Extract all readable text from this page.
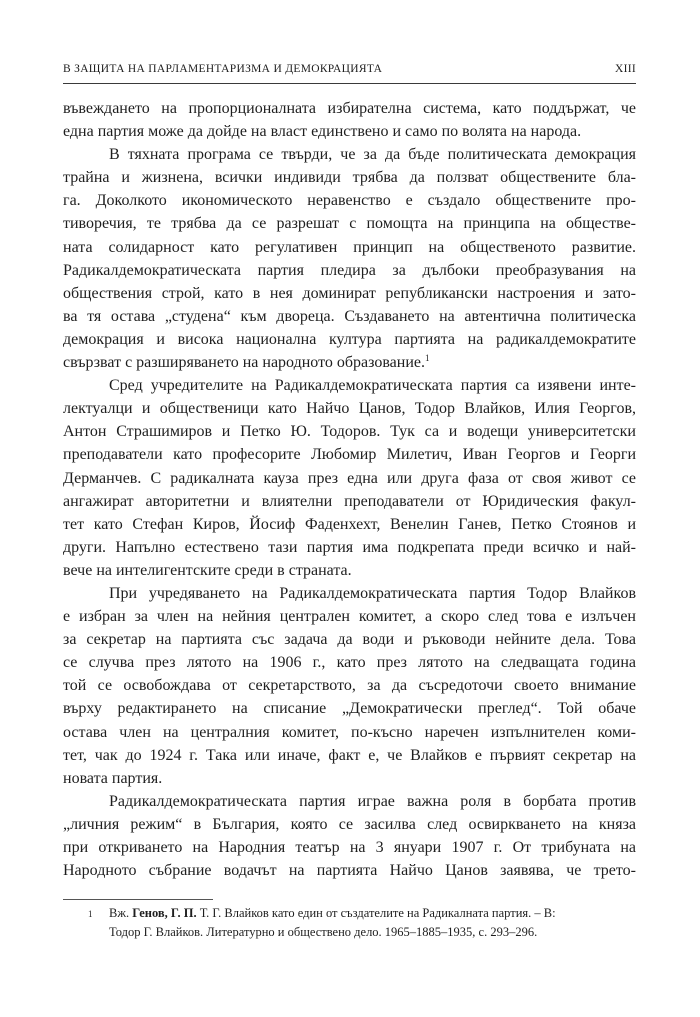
В ЗАЩИТА НА ПАРЛАМЕНТАРИЗМА И ДЕМОКРАЦИЯТА	XIII

въвеждането на пропорционалната избирателна система, като поддържат, че
една партия може да дойде на власт единствено и само по волята на народа.

В тяхната програма се твърди, че за да бъде политическата демокрация
трайна и жизнена, всички индивиди трябва да ползват обществените бла-
га. Доколкото икономическото неравенство е създало обществените про-
тиворечия, те трябва да се разрешат с помощта на принципа на обществе-
ната солидарност като регулативен принцип на общественото развитие.
Радикалдемократическата партия пледира за дълбоки преобразувания на
обществения строй, като в нея доминират републикански настроения и зато-
ва тя остава „студена“ към двореца. Създаването на автентична политическа
демокрация и висока национална култура партията на радикалдемократите
свързват с разширяването на народното образование.$^1$

Сред учредителите на Радикалдемократическата партия са изявени инте-
лектуалци и общественици като Найчо Цанов, Тодор Влайков, Илия Георгов,
Антон Страшимиров и Петко Ю. Тодоров. Тук са и водещи университетски
преподаватели като професорите Любомир Милетич, Иван Георгов и Георги
Дерманчев. С радикалната кауза през една или друга фаза от своя живот се
ангажират авторитетни и влиятелни преподаватели от Юридическия факул-
тет като Стефан Киров, Йосиф Фаденхехт, Венелин Ганев, Петко Стоянов и
други. Напълно естествено тази партия има подкрепата преди всичко и най-
вече на интелигентските среди в страната.

При учредяването на Радикалдемократическата партия Тодор Влайков
е избран за член на нейния централен комитет, а скоро след това е излъчен
за секретар на партията със задача да води и ръководи нейните дела. Това
се случва през лятото на 1906 г., като през лятото на следващата година
той се освобождава от секретарството, за да съсредоточи своето внимание
върху редактирането на списание „Демократически преглед“. Той обаче
остава член на централния комитет, по-късно наречен изпълнителен коми-
тет, чак до 1924 г. Така или иначе, факт е, че Влайков е първият секретар на
новата партия.

Радикалдемократическата партия играе важна роля в борбата против
„личния режим“ в България, която се засилва след освиркването на княза
при откриването на Народния театър на 3 януари 1907 г. От трибуната на
Народното събрание водачът на партията Найчо Цанов заявява, че трето-

1 Вж. Генов, Г. П. Т. Г. Влайков като един от създателите на Радикалната партия. – В:
Тодор Г. Влайков. Литературно и обществено дело. 1965–1885–1935, с. 293–296.
